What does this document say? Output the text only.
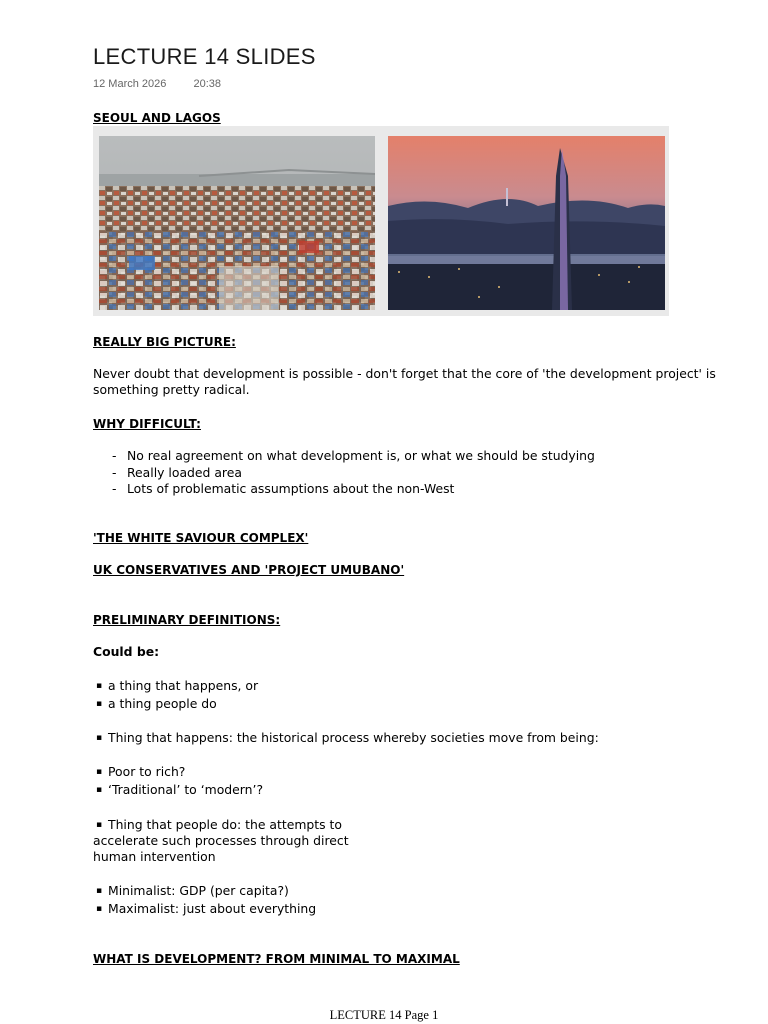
LECTURE 14 SLIDES
12 March 2026 20:38
SEOUL AND LAGOS
REALLY BIG PICTURE:
Never doubt that development is possible - don't forget that the core of 'the development project' is
something pretty radical.
WHY DIFFICULT:
- No real agreement on what development is, or what we should be studying
- Really loaded area
- Lots of problematic assumptions about the non-West
'THE WHITE SAVIOUR COMPLEX'
UK CONSERVATIVES AND 'PROJECT UMUBANO'
PRELIMINARY DEFINITIONS:
Could be:
▪ a thing that happens, or
▪ a thing people do
▪ Thing that happens: the historical process whereby societies move from being:
▪ Poor to rich?
▪ ‘Traditional’ to ‘modern’?
▪ Thing that people do: the attempts to
accelerate such processes through direct
human intervention
▪ Minimalist: GDP (per capita?)
▪ Maximalist: just about everything
WHAT IS DEVELOPMENT? FROM MINIMAL TO MAXIMAL
LECTURE 14 Page 1
